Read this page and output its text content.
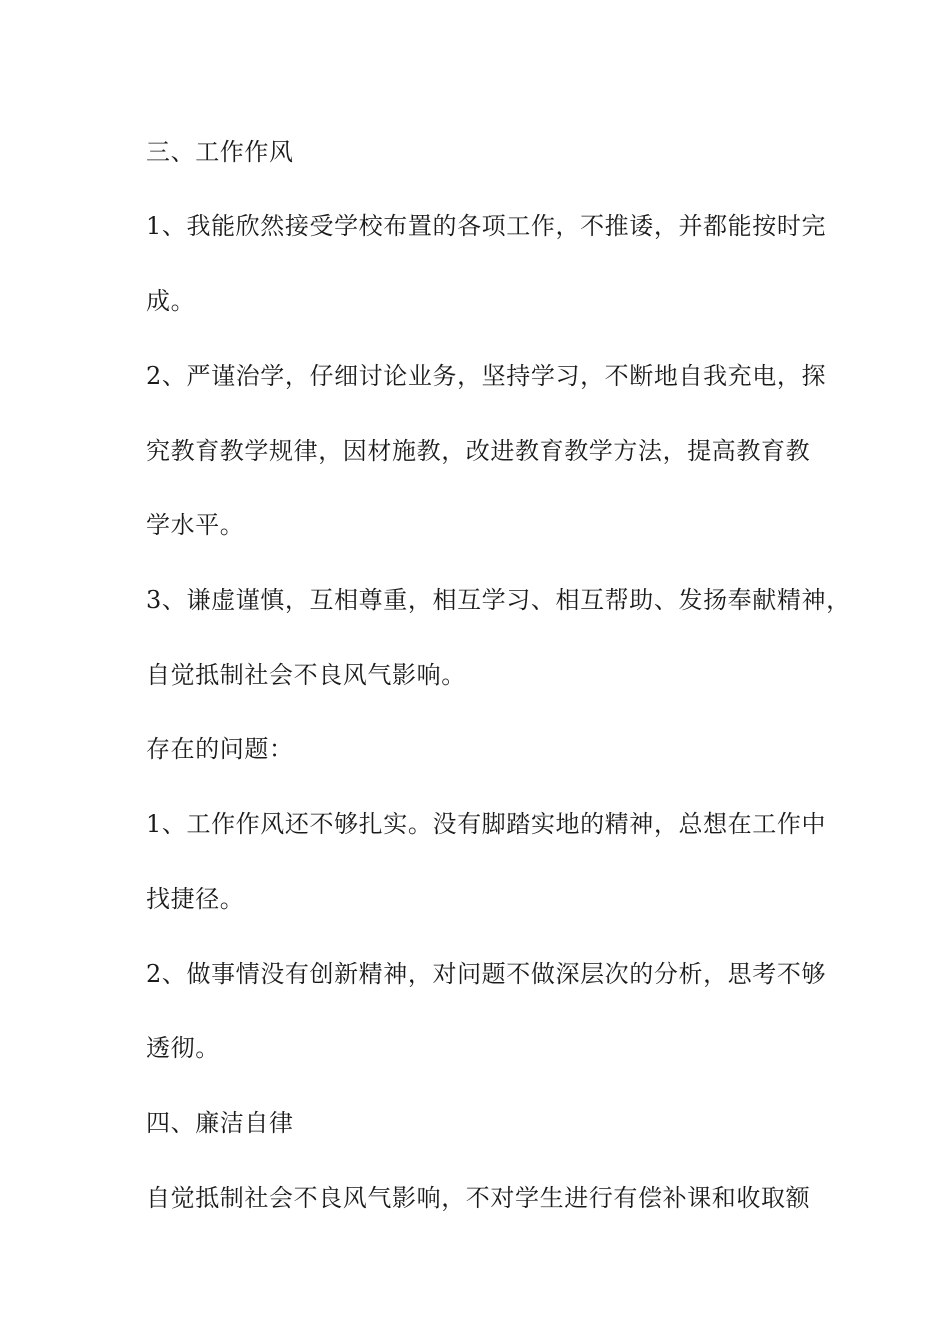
三、工作作风
1、我能欣然接受学校布置的各项工作，不推诿，并都能按时完
成。
2、严谨治学，仔细讨论业务，坚持学习，不断地自我充电，探
究教育教学规律，因材施教，改进教育教学方法，提高教育教
学水平。
3、谦虚谨慎，互相尊重，相互学习、相互帮助、发扬奉献精神，
自觉抵制社会不良风气影响。
存在的问题：
1、工作作风还不够扎实。没有脚踏实地的精神，总想在工作中
找捷径。
2、做事情没有创新精神，对问题不做深层次的分析，思考不够
透彻。
四、廉洁自律
自觉抵制社会不良风气影响，不对学生进行有偿补课和收取额
